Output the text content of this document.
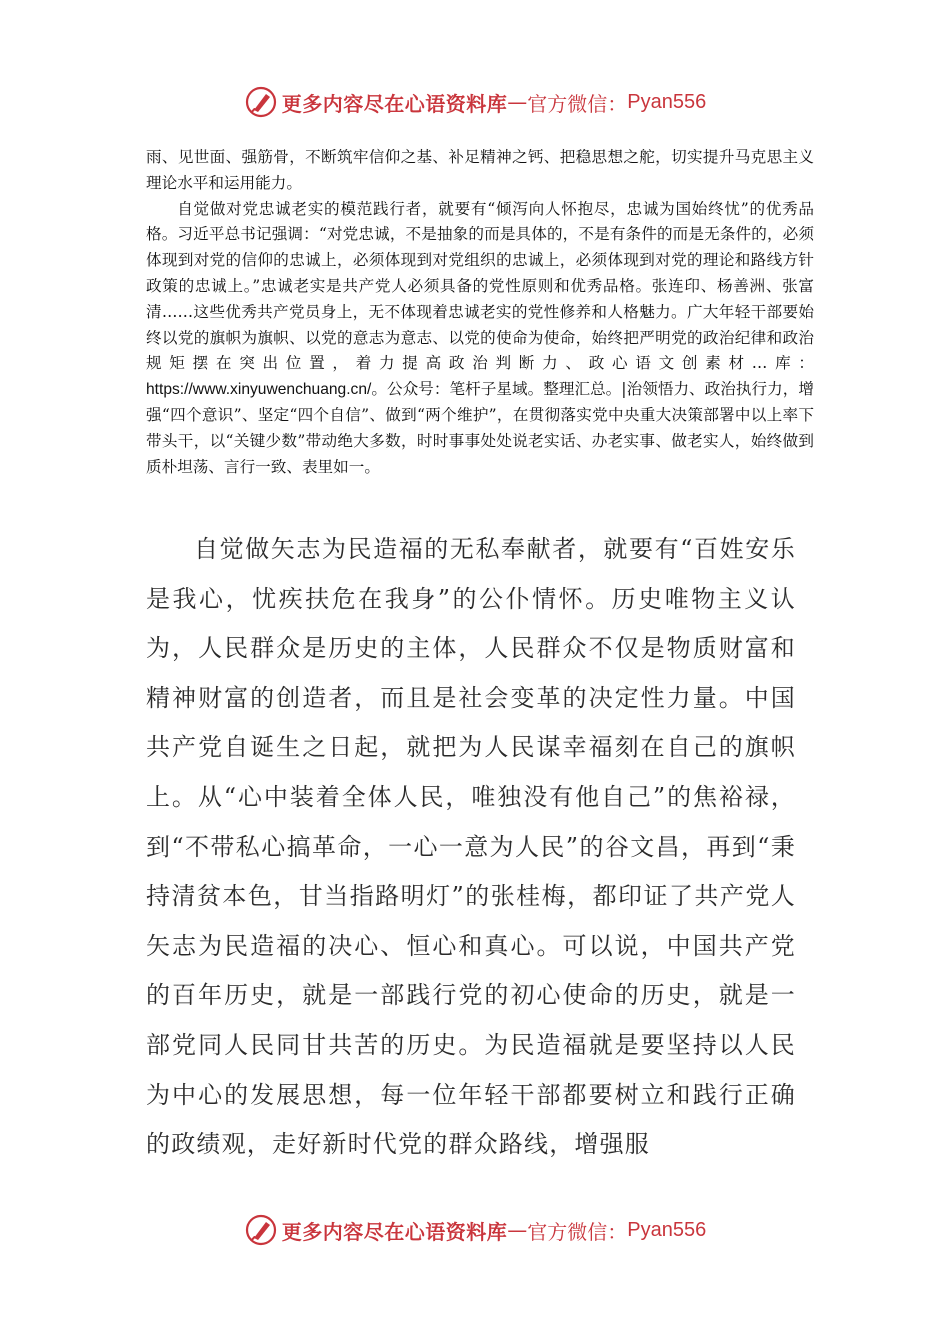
更多内容尽在心语资料库 — 官方微信： Pyan556

雨、见世面、强筋骨，不断筑牢信仰之基、补足精神之钙、把稳思想之舵，切实提升马克思主义理论水平和运用能力。

自觉做对党忠诚老实的模范践行者，就要有“倾泻向人怀抱尽，忠诚为国始终忧”的优秀品格。习近平总书记强调：“对党忠诚，不是抽象的而是具体的，不是有条件的而是无条件的，必须体现到对党的信仰的忠诚上，必须体现到对党组织的忠诚上，必须体现到对党的理论和路线方针政策的忠诚上。”忠诚老实是共产党人必须具备的党性原则和优秀品格。张连印、杨善洲、张富清……这些优秀共产党员身上，无不体现着忠诚老实的党性修养和人格魅力。广大年轻干部要始终以党的旗帜为旗帜、以党的意志为意志、以党的使命为使命，始终把严明党的政治纪律和政治规矩摆在突出位置，着力提高政治判断力、政心语文创素材…库：https://www.xinyuwenchuang.cn/。公众号：笔杆子星域。整理汇总。|治领悟力、政治执行力，增强“四个意识”、坚定“四个自信”、做到“两个维护”，在贯彻落实党中央重大决策部署中以上率下带头干，以“关键少数”带动绝大多数，时时事事处处说老实话、办老实事、做老实人，始终做到质朴坦荡、言行一致、表里如一。

自觉做矢志为民造福的无私奉献者，就要有“百姓安乐是我心，忧疾扶危在我身”的公仆情怀。历史唯物主义认为，人民群众是历史的主体，人民群众不仅是物质财富和精神财富的创造者，而且是社会变革的决定性力量。中国共产党自诞生之日起，就把为人民谋幸福刻在自己的旗帜上。从“心中装着全体人民，唯独没有他自己”的焦裕禄，到“不带私心搞革命，一心一意为人民”的谷文昌，再到“秉持清贫本色，甘当指路明灯”的张桂梅，都印证了共产党人矢志为民造福的决心、恒心和真心。可以说，中国共产党的百年历史，就是一部践行党的初心使命的历史，就是一部党同人民同甘共苦的历史。为民造福就是要坚持以人民为中心的发展思想，每一位年轻干部都要树立和践行正确的政绩观，走好新时代党的群众路线，增强服

更多内容尽在心语资料库 — 官方微信： Pyan556
